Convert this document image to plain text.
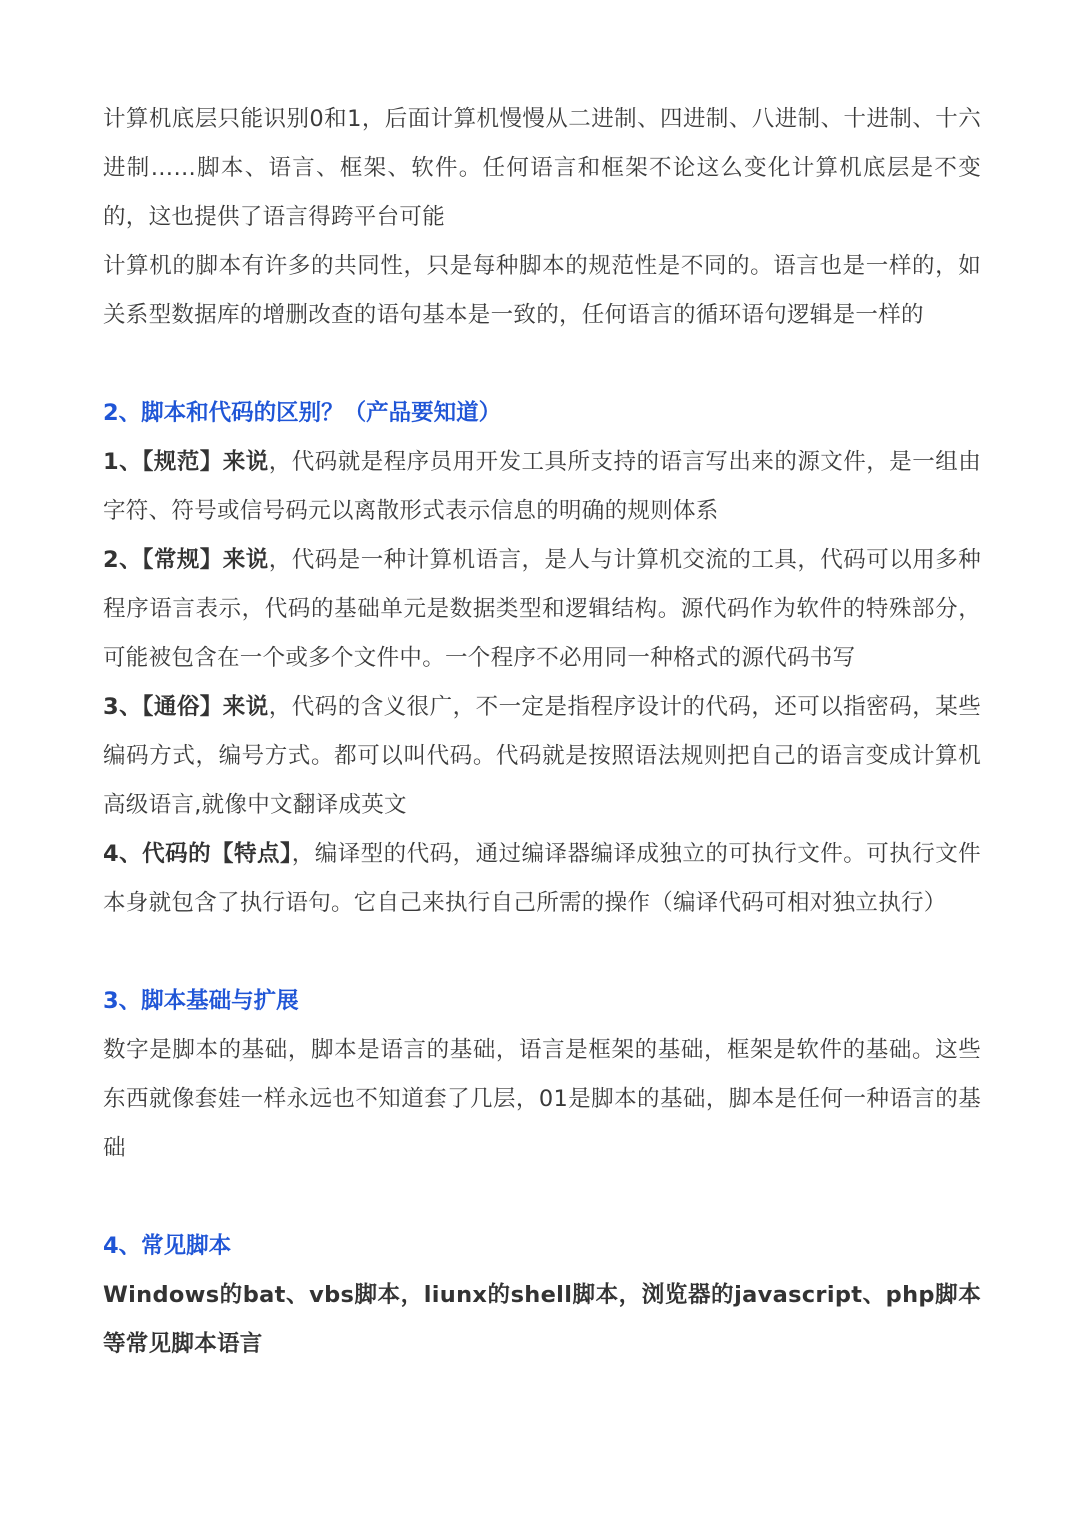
计算机底层只能识别0和1，后面计算机慢慢从二进制、四进制、八进制、十进制、十六进制……脚本、语言、框架、软件。任何语言和框架不论这么变化计算机底层是不变的，这也提供了语言得跨平台可能

计算机的脚本有许多的共同性，只是每种脚本的规范性是不同的。语言也是一样的，如关系型数据库的增删改查的语句基本是一致的，任何语言的循环语句逻辑是一样的

2、脚本和代码的区别？（产品要知道）

1、【规范】来说，代码就是程序员用开发工具所支持的语言写出来的源文件，是一组由字符、符号或信号码元以离散形式表示信息的明确的规则体系

2、【常规】来说，代码是一种计算机语言，是人与计算机交流的工具，代码可以用多种程序语言表示，代码的基础单元是数据类型和逻辑结构。源代码作为软件的特殊部分，可能被包含在一个或多个文件中。一个程序不必用同一种格式的源代码书写

3、【通俗】来说，代码的含义很广，不一定是指程序设计的代码，还可以指密码，某些编码方式，编号方式。都可以叫代码。代码就是按照语法规则把自己的语言变成计算机高级语言,就像中文翻译成英文

4、代码的【特点】，编译型的代码，通过编译器编译成独立的可执行文件。可执行文件本身就包含了执行语句。它自己来执行自己所需的操作（编译代码可相对独立执行）

3、脚本基础与扩展

数字是脚本的基础，脚本是语言的基础，语言是框架的基础，框架是软件的基础。这些东西就像套娃一样永远也不知道套了几层，01是脚本的基础，脚本是任何一种语言的基础

4、常见脚本

Windows的bat、vbs脚本，liunx的shell脚本，浏览器的javascript、php脚本等常见脚本语言
